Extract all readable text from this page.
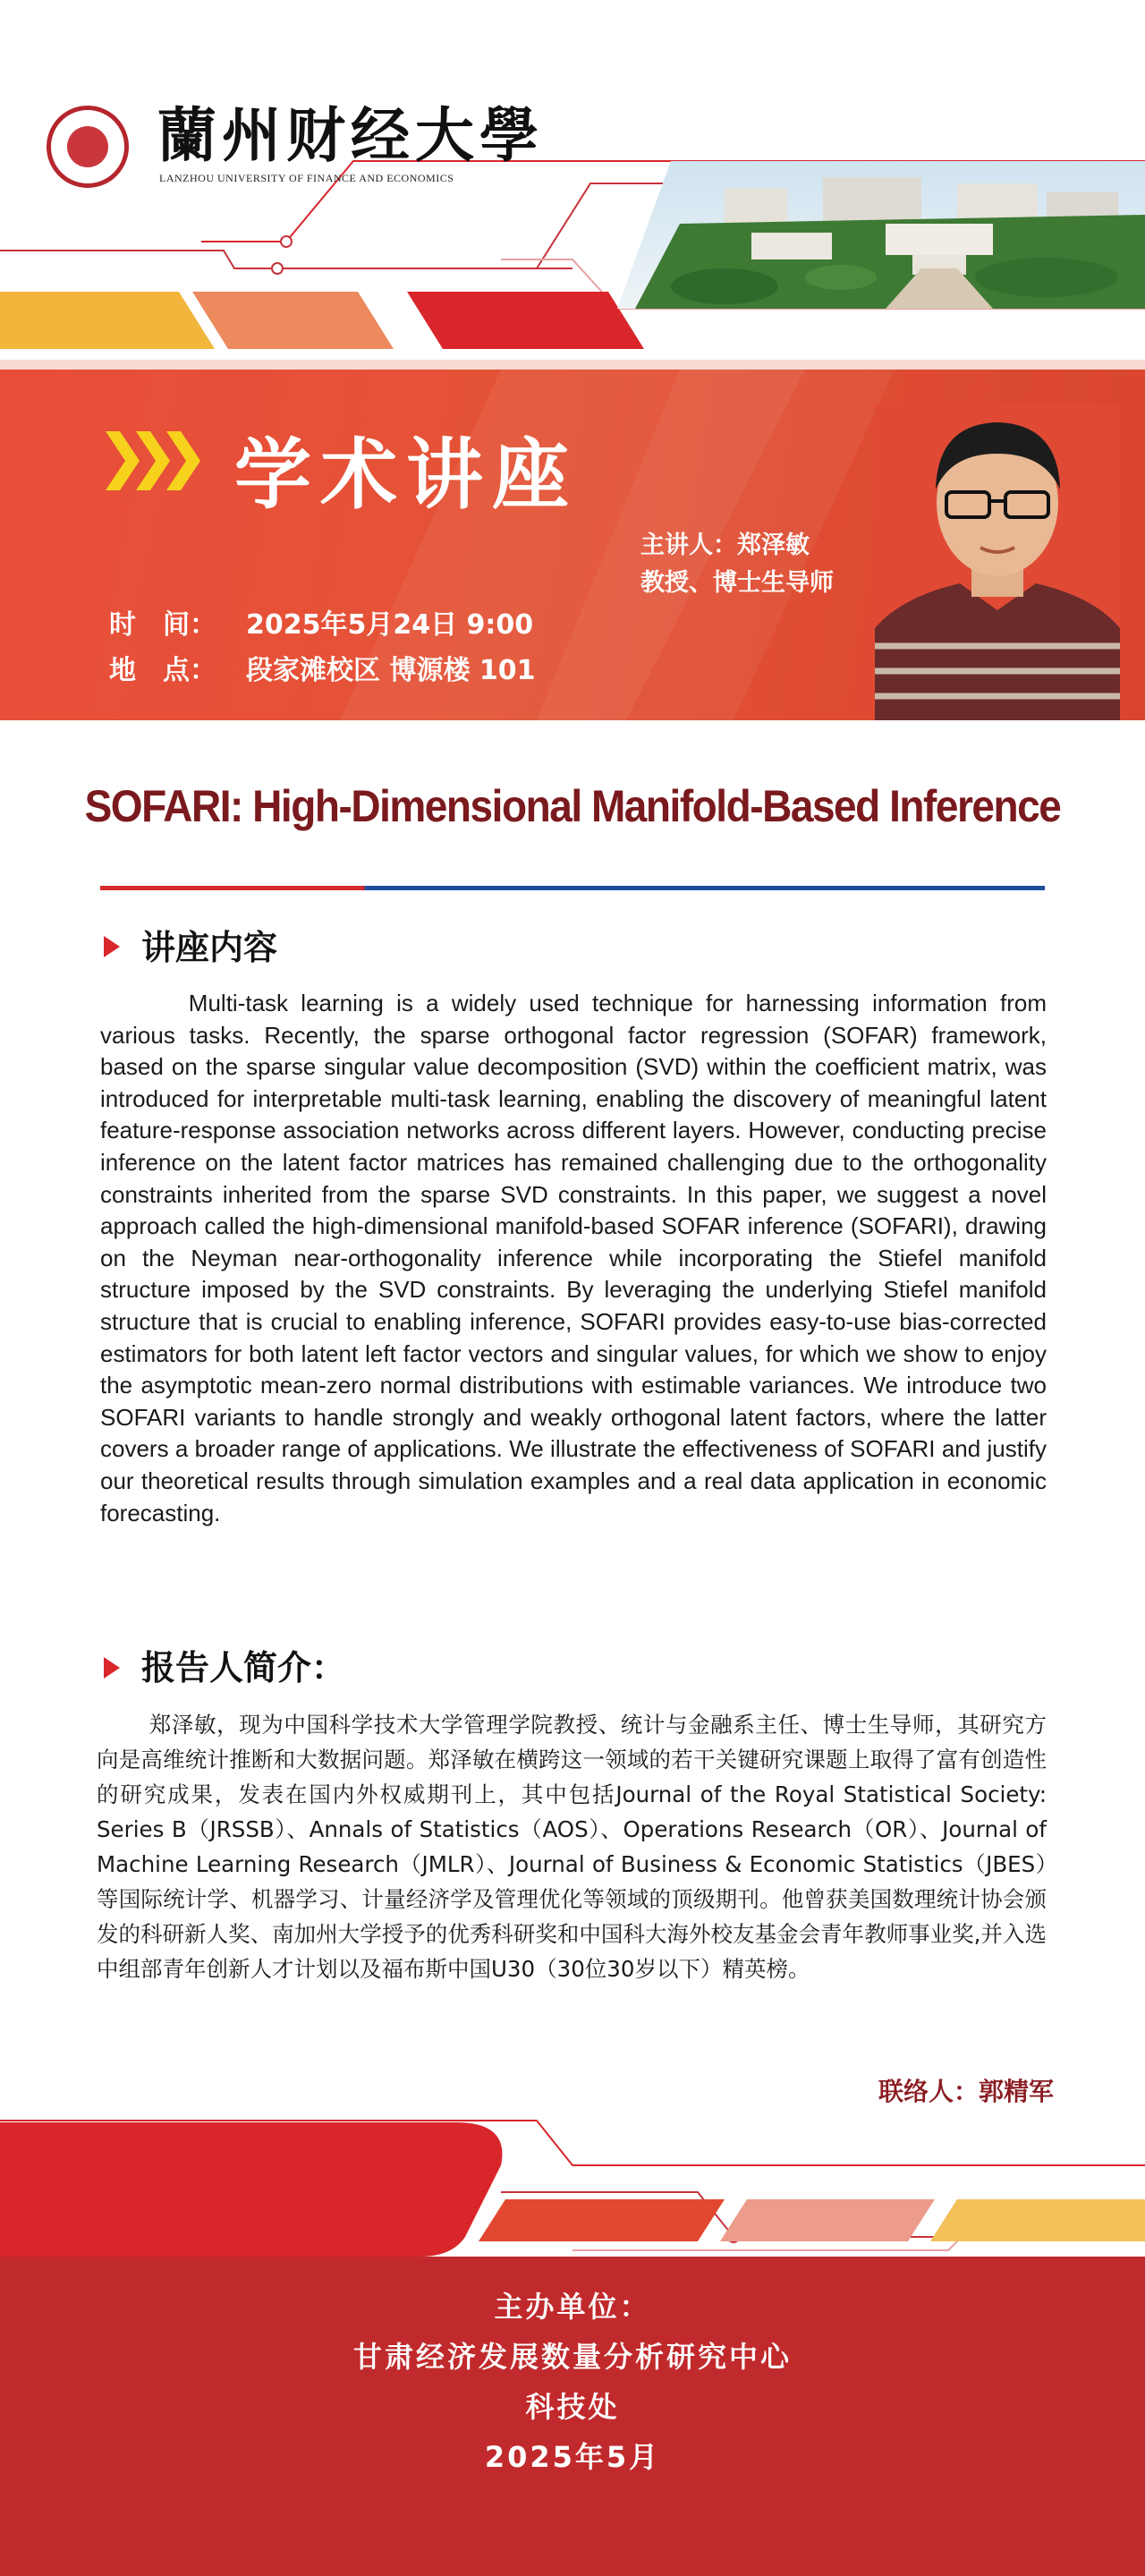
蘭州财经大學
LANZHOU UNIVERSITY OF FINANCE AND ECONOMICS
学术讲座
主讲人：郑泽敏
教授、博士生导师
时　间： 2025年5月24日 9:00
地　点： 段家滩校区 博源楼 101
SOFARI: High-Dimensional Manifold-Based Inference
讲座内容

Multi-task learning is a widely used technique for harnessing information from various tasks. Recently, the sparse orthogonal factor regression (SOFAR) framework, based on the sparse singular value decomposition (SVD) within the coefficient matrix, was introduced for interpretable multi-task learning, enabling the discovery of meaningful latent feature-response association networks across different layers. However, conducting precise inference on the latent factor matrices has remained challenging due to the orthogonality constraints inherited from the sparse SVD constraints. In this paper, we suggest a novel approach called the high-dimensional manifold-based SOFAR inference (SOFARI), drawing on the Neyman near-orthogonality inference while incorporating the Stiefel manifold structure imposed by the SVD constraints. By leveraging the underlying Stiefel manifold structure that is crucial to enabling inference, SOFARI provides easy-to-use bias-corrected estimators for both latent left factor vectors and singular values, for which we show to enjoy the asymptotic mean-zero normal distributions with estimable variances. We introduce two SOFARI variants to handle strongly and weakly orthogonal latent factors, where the latter covers a broader range of applications. We illustrate the effectiveness of SOFARI and justify our theoretical results through simulation examples and a real data application in economic forecasting.

报告人简介：

郑泽敏，现为中国科学技术大学管理学院教授、统计与金融系主任、博士生导师，其研究方向是高维统计推断和大数据问题。郑泽敏在横跨这一领域的若干关键研究课题上取得了富有创造性的研究成果，发表在国内外权威期刊上，其中包括Journal of the Royal Statistical Society: Series B（JRSSB）、Annals of Statistics（AOS）、Operations Research（OR）、Journal of Machine Learning Research（JMLR）、Journal of Business & Economic Statistics（JBES）等国际统计学、机器学习、计量经济学及管理优化等领域的顶级期刊。他曾获美国数理统计协会颁发的科研新人奖、南加州大学授予的优秀科研奖和中国科大海外校友基金会青年教师事业奖,并入选中组部青年创新人才计划以及福布斯中国U30（30位30岁以下）精英榜。

联络人：郭精军
主办单位：
甘肃经济发展数量分析研究中心
科技处
2025年5月
